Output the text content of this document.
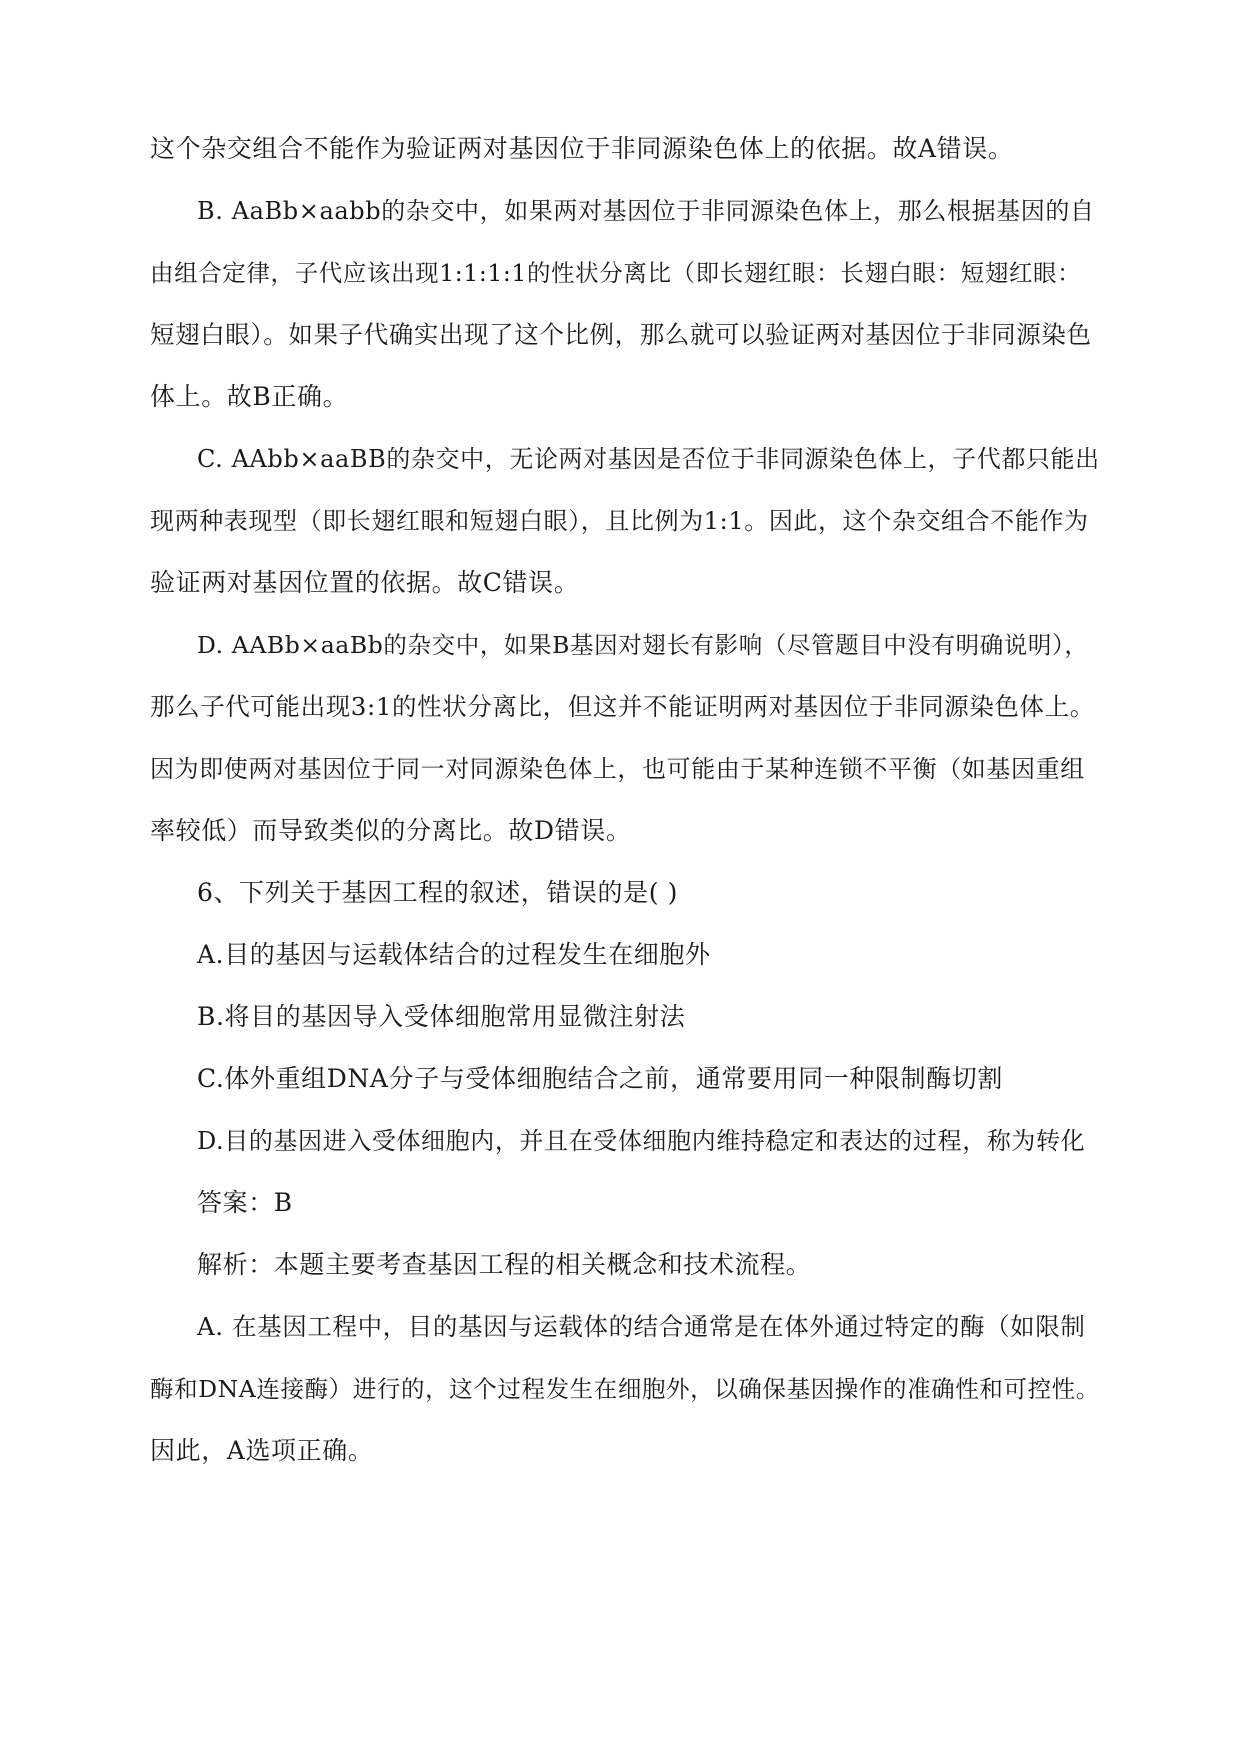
这个杂交组合不能作为验证两对基因位于非同源染色体上的依据。故A错误。
B. AaBb×aabb的杂交中，如果两对基因位于非同源染色体上，那么根据基因的自
由组合定律，子代应该出现1:1:1:1的性状分离比（即长翅红眼：长翅白眼：短翅红眼：
短翅白眼）。如果子代确实出现了这个比例，那么就可以验证两对基因位于非同源染色
体上。故B正确。
C. AAbb×aaBB的杂交中，无论两对基因是否位于非同源染色体上，子代都只能出
现两种表现型（即长翅红眼和短翅白眼），且比例为1:1。因此，这个杂交组合不能作为
验证两对基因位置的依据。故C错误。
D. AABb×aaBb的杂交中，如果B基因对翅长有影响（尽管题目中没有明确说明），
那么子代可能出现3:1的性状分离比，但这并不能证明两对基因位于非同源染色体上。
因为即使两对基因位于同一对同源染色体上，也可能由于某种连锁不平衡（如基因重组
率较低）而导致类似的分离比。故D错误。
6、下列关于基因工程的叙述，错误的是( )
A.目的基因与运载体结合的过程发生在细胞外
B.将目的基因导入受体细胞常用显微注射法
C.体外重组DNA分子与受体细胞结合之前，通常要用同一种限制酶切割
D.目的基因进入受体细胞内，并且在受体细胞内维持稳定和表达的过程，称为转化
答案：B
解析：本题主要考查基因工程的相关概念和技术流程。
A. 在基因工程中，目的基因与运载体的结合通常是在体外通过特定的酶（如限制
酶和DNA连接酶）进行的，这个过程发生在细胞外，以确保基因操作的准确性和可控性。
因此，A选项正确。
